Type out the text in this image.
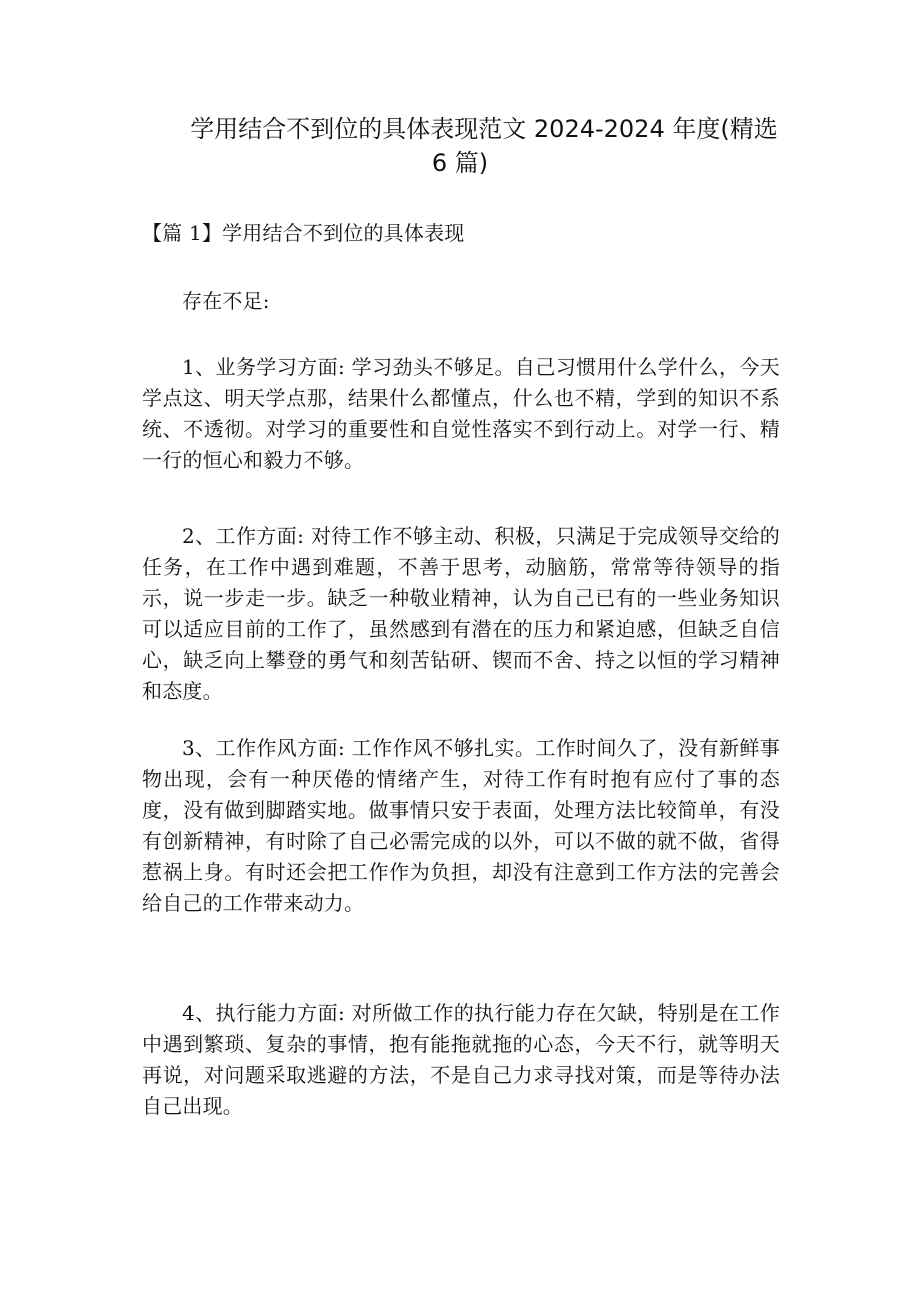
学用结合不到位的具体表现范文 2024-2024 年度(精选
6 篇)

【篇 1】学用结合不到位的具体表现

存在不足:

1、业务学习方面: 学习劲头不够足。自己习惯用什么学什么，今天学点这、明天学点那，结果什么都懂点，什么也不精，学到的知识不系统、不透彻。对学习的重要性和自觉性落实不到行动上。对学一行、精一行的恒心和毅力不够。

2、工作方面: 对待工作不够主动、积极，只满足于完成领导交给的任务，在工作中遇到难题，不善于思考，动脑筋，常常等待领导的指示，说一步走一步。缺乏一种敬业精神，认为自己已有的一些业务知识可以适应目前的工作了，虽然感到有潜在的压力和紧迫感，但缺乏自信心，缺乏向上攀登的勇气和刻苦钻研、锲而不舍、持之以恒的学习精神和态度。

3、工作作风方面: 工作作风不够扎实。工作时间久了，没有新鲜事物出现，会有一种厌倦的情绪产生，对待工作有时抱有应付了事的态度，没有做到脚踏实地。做事情只安于表面，处理方法比较简单，有没有创新精神，有时除了自己必需完成的以外，可以不做的就不做，省得惹祸上身。有时还会把工作作为负担，却没有注意到工作方法的完善会给自己的工作带来动力。

4、执行能力方面: 对所做工作的执行能力存在欠缺，特别是在工作中遇到繁琐、复杂的事情，抱有能拖就拖的心态，今天不行，就等明天再说，对问题采取逃避的方法，不是自己力求寻找对策，而是等待办法自己出现。
